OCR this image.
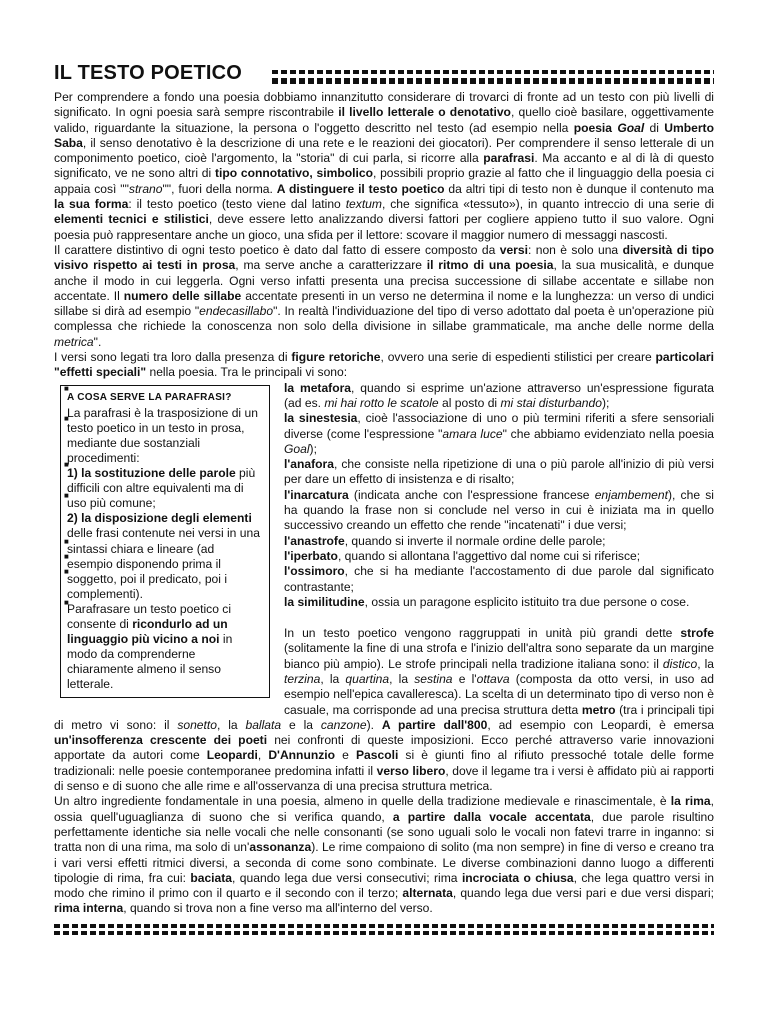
IL TESTO POETICO

Per comprendere a fondo una poesia dobbiamo innanzitutto considerare di trovarci di fronte ad un testo con più livelli di significato. In ogni poesia sarà sempre riscontrabile il livello letterale o denotativo, quello cioè basilare, oggettivamente valido, riguardante la situazione, la persona o l'oggetto descritto nel testo (ad esempio nella poesia Goal di Umberto Saba, il senso denotativo è la descrizione di una rete e le reazioni dei giocatori). Per comprendere il senso letterale di un componimento poetico, cioè l'argomento, la "storia" di cui parla, si ricorre alla parafrasi. Ma accanto e al di là di questo significato, ve ne sono altri di tipo connotativo, simbolico, possibili proprio grazie al fatto che il linguaggio della poesia ci appaia così ""strano"", fuori della norma. A distinguere il testo poetico da altri tipi di testo non è dunque il contenuto ma la sua forma: il testo poetico (testo viene dal latino textum, che significa «tessuto»), in quanto intreccio di una serie di elementi tecnici e stilistici, deve essere letto analizzando diversi fattori per cogliere appieno tutto il suo valore. Ogni poesia può rappresentare anche un gioco, una sfida per il lettore: scovare il maggior numero di messaggi nascosti.

Il carattere distintivo di ogni testo poetico è dato dal fatto di essere composto da versi: non è solo una diversità di tipo visivo rispetto ai testi in prosa, ma serve anche a caratterizzare il ritmo di una poesia, la sua musicalità, e dunque anche il modo in cui leggerla. Ogni verso infatti presenta una precisa successione di sillabe accentate e sillabe non accentate. Il numero delle sillabe accentate presenti in un verso ne determina il nome e la lunghezza: un verso di undici sillabe si dirà ad esempio "endecasillabo". In realtà l'individuazione del tipo di verso adottato dal poeta è un'operazione più complessa che richiede la conoscenza non solo della divisione in sillabe grammaticale, ma anche delle norme della metrica".

I versi sono legati tra loro dalla presenza di figure retoriche, ovvero una serie di espedienti stilistici per creare particolari "effetti speciali" nella poesia. Tra le principali vi sono:

A COSA SERVE LA PARAFRASI?
La parafrasi è la trasposizione di un testo poetico in un testo in prosa, mediante due sostanziali procedimenti:
1) la sostituzione delle parole più difficili con altre equivalenti ma di uso più comune;
2) la disposizione degli elementi delle frasi contenute nei versi in una sintassi chiara e lineare (ad esempio disponendo prima il soggetto, poi il predicato, poi i complementi).
Parafrasare un testo poetico ci consente di ricondurlo ad un linguaggio più vicino a noi in modo da comprenderne chiaramente almeno il senso letterale.
■ la metafora, quando si esprime un'azione attraverso un'espressione figurata (ad es. mi hai rotto le scatole al posto di mi stai disturbando);
■ la sinestesia, cioè l'associazione di uno o più termini riferiti a sfere sensoriali diverse (come l'espressione "amara luce" che abbiamo evidenziato nella poesia Goal);
■ l'anafora, che consiste nella ripetizione di una o più parole all'inizio di più versi per dare un effetto di insistenza e di risalto;
■ l'inarcatura (indicata anche con l'espressione francese enjambement), che si ha quando la frase non si conclude nel verso in cui è iniziata ma in quello successivo creando un effetto che rende "incatenati" i due versi;
■ l'anastrofe, quando si inverte il normale ordine delle parole;
■ l'iperbato, quando si allontana l'aggettivo dal nome cui si riferisce;
■ l'ossimoro, che si ha mediante l'accostamento di due parole dal significato contrastante;
■ la similitudine, ossia un paragone esplicito istituito tra due persone o cose.

In un testo poetico vengono raggruppati in unità più grandi dette strofe (solitamente la fine di una strofa e l'inizio dell'altra sono separate da un margine bianco più ampio). Le strofe principali nella tradizione italiana sono: il distico, la terzina, la quartina, la sestina e l'ottava (composta da otto versi, in uso ad esempio nell'epica cavalleresca). La scelta di un determinato tipo di verso non è casuale, ma corrisponde ad una precisa struttura detta metro (tra i principali tipi di metro vi sono: il sonetto, la ballata e la canzone). A partire dall'800, ad esempio con Leopardi, è emersa un'insofferenza crescente dei poeti nei confronti di queste imposizioni. Ecco perché attraverso varie innovazioni apportate da autori come Leopardi, D'Annunzio e Pascoli si è giunti fino al rifiuto pressoché totale delle forme tradizionali: nelle poesie contemporanee predomina infatti il verso libero, dove il legame tra i versi è affidato più ai rapporti di senso e di suono che alle rime e all'osservanza di una precisa struttura metrica.

Un altro ingrediente fondamentale in una poesia, almeno in quelle della tradizione medievale e rinascimentale, è la rima, ossia quell'uguaglianza di suono che si verifica quando, a partire dalla vocale accentata, due parole risultino perfettamente identiche sia nelle vocali che nelle consonanti (se sono uguali solo le vocali non fatevi trarre in inganno: si tratta non di una rima, ma solo di un'assonanza). Le rime compaiono di solito (ma non sempre) in fine di verso e creano tra i vari versi effetti ritmici diversi, a seconda di come sono combinate. Le diverse combinazioni danno luogo a differenti tipologie di rima, fra cui: baciata, quando lega due versi consecutivi; rima incrociata o chiusa, che lega quattro versi in modo che rimino il primo con il quarto e il secondo con il terzo; alternata, quando lega due versi pari e due versi dispari; rima interna, quando si trova non a fine verso ma all'interno del verso.
